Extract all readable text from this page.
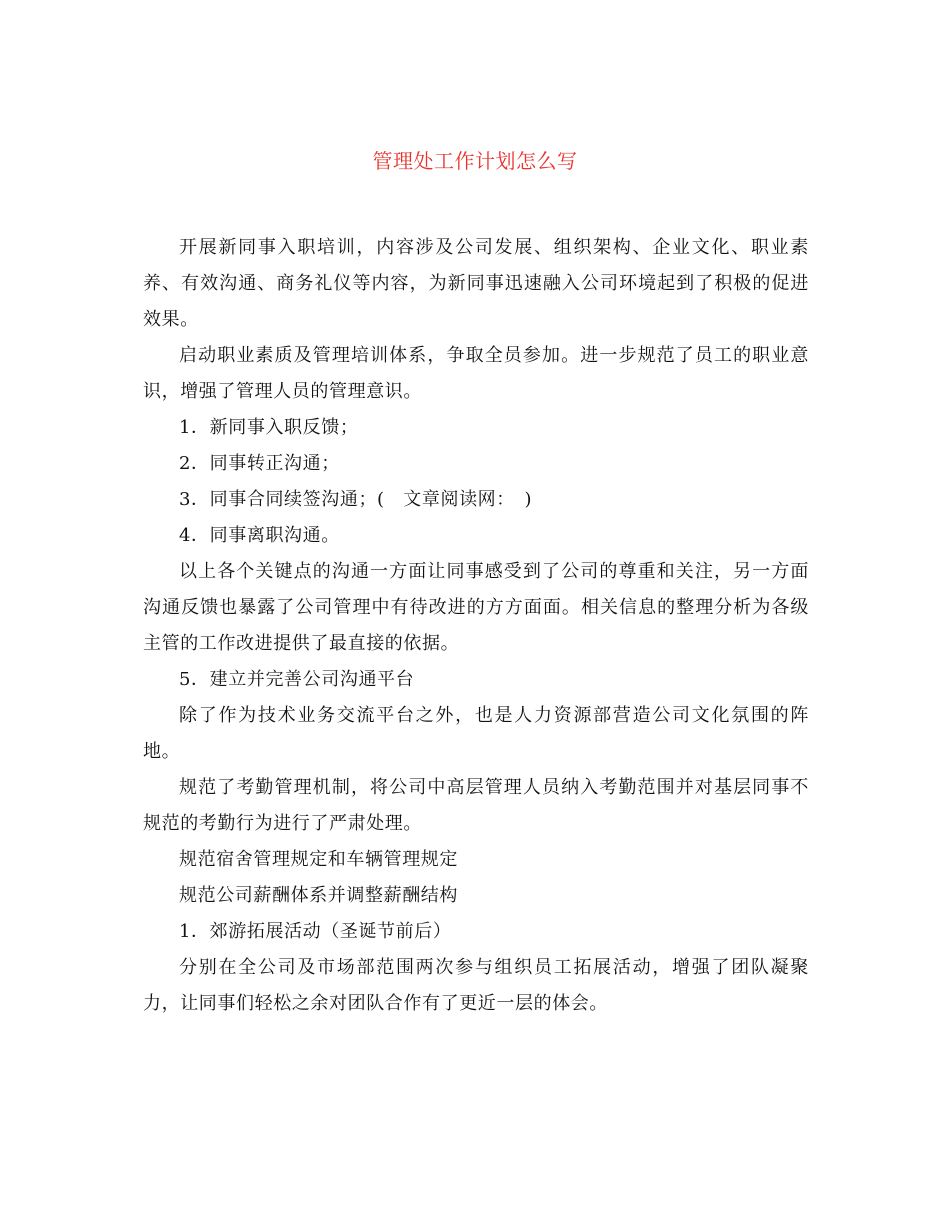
管理处工作计划怎么写

开展新同事入职培训，内容涉及公司发展、组织架构、企业文化、职业素养、有效沟通、商务礼仪等内容，为新同事迅速融入公司环境起到了积极的促进效果。

启动职业素质及管理培训体系，争取全员参加。进一步规范了员工的职业意识，增强了管理人员的管理意识。

1．新同事入职反馈；

2．同事转正沟通；

3．同事合同续签沟通；(　文章阅读网：　)

4．同事离职沟通。

以上各个关键点的沟通一方面让同事感受到了公司的尊重和关注，另一方面沟通反馈也暴露了公司管理中有待改进的方方面面。相关信息的整理分析为各级主管的工作改进提供了最直接的依据。

5．建立并完善公司沟通平台

除了作为技术业务交流平台之外，也是人力资源部营造公司文化氛围的阵地。

规范了考勤管理机制，将公司中高层管理人员纳入考勤范围并对基层同事不规范的考勤行为进行了严肃处理。

规范宿舍管理规定和车辆管理规定

规范公司薪酬体系并调整薪酬结构

1．郊游拓展活动（圣诞节前后）

分别在全公司及市场部范围两次参与组织员工拓展活动，增强了团队凝聚力，让同事们轻松之余对团队合作有了更近一层的体会。
